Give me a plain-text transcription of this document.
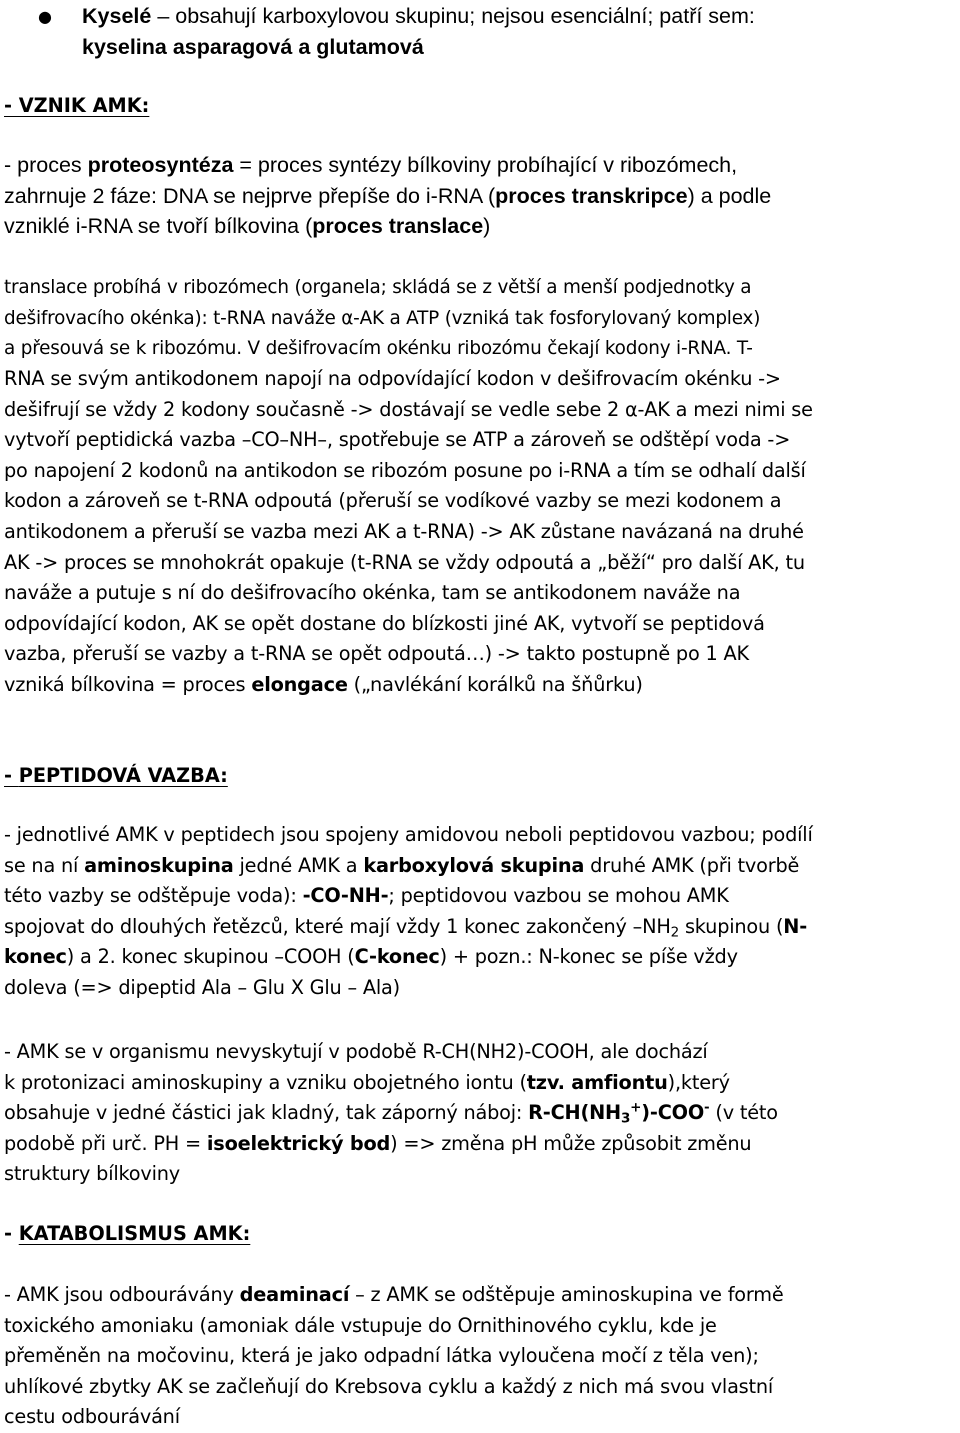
● Kyselé – obsahují karboxylovou skupinu; nejsou esenciální; patří sem:
kyselina asparagová a glutamová
- VZNIK AMK:
- proces proteosyntéza = proces syntézy bílkoviny probíhající v ribozómech,
zahrnuje 2 fáze: DNA se nejprve přepíše do i-RNA (proces transkripce) a podle
vzniklé i-RNA se tvoří bílkovina (proces translace)
translace probíhá v ribozómech (organela; skládá se z větší a menší podjednotky a
dešifrovacího okénka): t-RNA naváže α-AK a ATP (vzniká tak fosforylovaný komplex)
a přesouvá se k ribozómu. V dešifrovacím okénku ribozómu čekají kodony i-RNA. T-
RNA se svým antikodonem napojí na odpovídající kodon v dešifrovacím okénku ->
dešifrují se vždy 2 kodony současně -> dostávají se vedle sebe 2 α-AK a mezi nimi se
vytvoří peptidická vazba –CO–NH–, spotřebuje se ATP a zároveň se odštěpí voda ->
po napojení 2 kodonů na antikodon se ribozóm posune po i-RNA a tím se odhalí další
kodon a zároveň se t-RNA odpoutá (přeruší se vodíkové vazby se mezi kodonem a
antikodonem a přeruší se vazba mezi AK a t-RNA) -> AK zůstane navázaná na druhé
AK -> proces se mnohokrát opakuje (t-RNA se vždy odpoutá a „běží“ pro další AK, tu
naváže a putuje s ní do dešifrovacího okénka, tam se antikodonem naváže na
odpovídající kodon, AK se opět dostane do blízkosti jiné AK, vytvoří se peptidová
vazba, přeruší se vazby a t-RNA se opět odpoutá…) -> takto postupně po 1 AK
vzniká bílkovina = proces elongace („navlékání korálků na šňůrku)
- PEPTIDOVÁ VAZBA:
- jednotlivé AMK v peptidech jsou spojeny amidovou neboli peptidovou vazbou; podílí
se na ní aminoskupina jedné AMK a karboxylová skupina druhé AMK (při tvorbě
této vazby se odštěpuje voda): -CO-NH-; peptidovou vazbou se mohou AMK
spojovat do dlouhých řetězců, které mají vždy 1 konec zakončený $-NH_2$ skupinou (N-
konec) a 2. konec skupinou –COOH (C-konec) + pozn.: N-konec se píše vždy
doleva (=> dipeptid Ala – Glu X Glu – Ala)
- AMK se v organismu nevyskytují v podobě R-CH(NH2)-COOH, ale dochází
k protonizaci aminoskupiny a vzniku obojetného iontu (tzv. amfiontu),který
obsahuje v jedné částici jak kladný, tak záporný náboj: $R-CH(NH_3^+)-COO^-$ (v této
podobě při urč. PH = isoelektrický bod) => změna pH může způsobit změnu
struktury bílkoviny
- KATABOLISMUS AMK:
- AMK jsou odbourávány deaminací – z AMK se odštěpuje aminoskupina ve formě
toxického amoniaku (amoniak dále vstupuje do Ornithinového cyklu, kde je
přeměněn na močovinu, která je jako odpadní látka vyloučena močí z těla ven);
uhlíkové zbytky AK se začleňují do Krebsova cyklu a každý z nich má svou vlastní
cestu odbourávání
